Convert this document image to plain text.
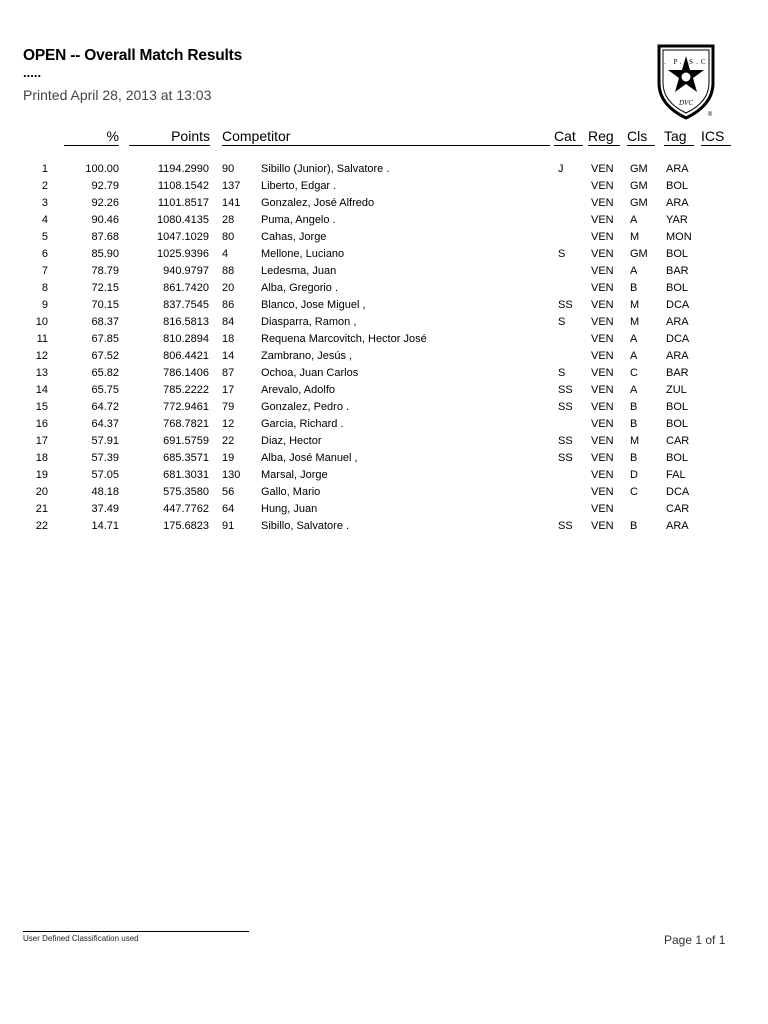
OPEN -- Overall Match Results
.....
Printed April 28, 2013 at 13:03
I. P. S.C.
DVC
®
%	Points Competitor	Cat Reg Cls	Tag	ICS
1	100.00	1194.2990	90	Sibillo (Junior), Salvatore .	J	VEN	GM	ARA
2	92.79	1108.1542	137	Liberto, Edgar .		VEN	GM	BOL
3	92.26	1101.8517	141	Gonzalez, José Alfredo		VEN	GM	ARA
4	90.46	1080.4135	28	Puma, Angelo .		VEN	A	YAR
5	87.68	1047.1029	80	Cahas, Jorge		VEN	M	MON
6	85.90	1025.9396	4	Mellone, Luciano	S	VEN	GM	BOL
7	78.79	940.9797	88	Ledesma, Juan		VEN	A	BAR
8	72.15	861.7420	20	Alba, Gregorio .		VEN	B	BOL
9	70.15	837.7545	86	Blanco, Jose Miguel ,	SS	VEN	M	DCA
10	68.37	816.5813	84	Diasparra, Ramon ,	S	VEN	M	ARA
11	67.85	810.2894	18	Requena Marcovitch, Hector José		VEN	A	DCA
12	67.52	806.4421	14	Zambrano, Jesús ,		VEN	A	ARA
13	65.82	786.1406	87	Ochoa, Juan Carlos	S	VEN	C	BAR
14	65.75	785.2222	17	Arevalo, Adolfo	SS	VEN	A	ZUL
15	64.72	772.9461	79	Gonzalez, Pedro .	SS	VEN	B	BOL
16	64.37	768.7821	12	Garcia, Richard .		VEN	B	BOL
17	57.91	691.5759	22	Diaz, Hector	SS	VEN	M	CAR
18	57.39	685.3571	19	Alba, José Manuel ,	SS	VEN	B	BOL
19	57.05	681.3031	130	Marsal, Jorge		VEN	D	FAL
20	48.18	575.3580	56	Gallo, Mario		VEN	C	DCA
21	37.49	447.7762	64	Hung, Juan		VEN		CAR
22	14.71	175.6823	91	Sibillo, Salvatore .	SS	VEN	B	ARA
User Defined Classification used	Page 1 of 1
